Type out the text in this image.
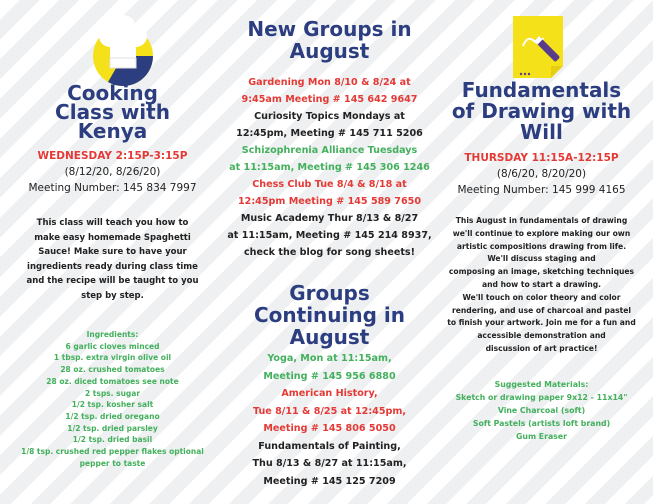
Cooking

Class with

Kenya

WEDNESDAY 2:15P-3:15P

(8/12/20, 8/26/20)

Meeting Number: 145 834 7997

This class will teach you how to

make easy homemade Spaghetti

Sauce! Make sure to have your

ingredients ready during class time

and the recipe will be taught to you

step by step.

Ingredients:

6 garlic cloves minced

1 tbsp. extra virgin olive oil

28 oz. crushed tomatoes

28 oz. diced tomatoes see note

2 tsps. sugar

1/2 tsp. kosher salt

1/2 tsp. dried oregano

1/2 tsp. dried parsley

1/2 tsp. dried basil

1/8 tsp. crushed red pepper flakes optional

pepper to taste

New Groups in

August

Gardening Mon 8/10 & 8/24 at

9:45am Meeting # 145 642 9647

Curiosity Topics Mondays at

12:45pm, Meeting # 145 711 5206

Schizophrenia Alliance Tuesdays

at 11:15am, Meeting # 145 306 1246

Chess Club Tue 8/4 & 8/18 at

12:45pm Meeting # 145 589 7650

Music Academy Thur 8/13 & 8/27

at 11:15am, Meeting # 145 214 8937,

check the blog for song sheets!

Groups

Continuing in

August

Yoga, Mon at 11:15am,

Meeting # 145 956 6880

American History,

Tue 8/11 & 8/25 at 12:45pm,

Meeting # 145 806 5050

Fundamentals of Painting,

Thu 8/13 & 8/27 at 11:15am,

Meeting # 145 125 7209

Fundamentals

of Drawing with

Will

THURSDAY 11:15A-12:15P

(8/6/20, 8/20/20)

Meeting Number: 145 999 4165

This August in fundamentals of drawing

we'll continue to explore making our own

artistic compositions drawing from life.

We'll discuss staging and

composing an image, sketching techniques

and how to start a drawing.

We'll touch on color theory and color

rendering, and use of charcoal and pastel

to finish your artwork. Join me for a fun and

accessible demonstration and

discussion of art practice!

Suggested Materials:

Sketch or drawing paper 9x12 - 11x14"

Vine Charcoal (soft)

Soft Pastels (artists loft brand)

Gum Eraser
